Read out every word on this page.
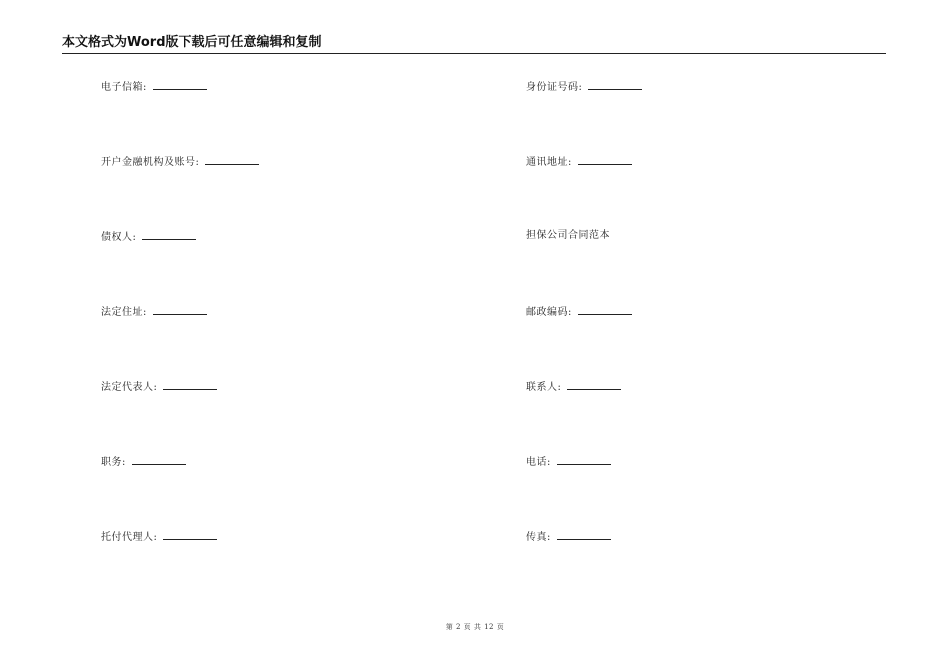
本文格式为Word版下载后可任意编辑和复制
电子信箱:
开户金融机构及账号:
债权人:
法定住址:
法定代表人:
职务:
托付代理人:
身份证号码:
通讯地址:
担保公司合同范本
邮政编码:
联系人:
电话:
传真:
第 2 页 共 12 页
